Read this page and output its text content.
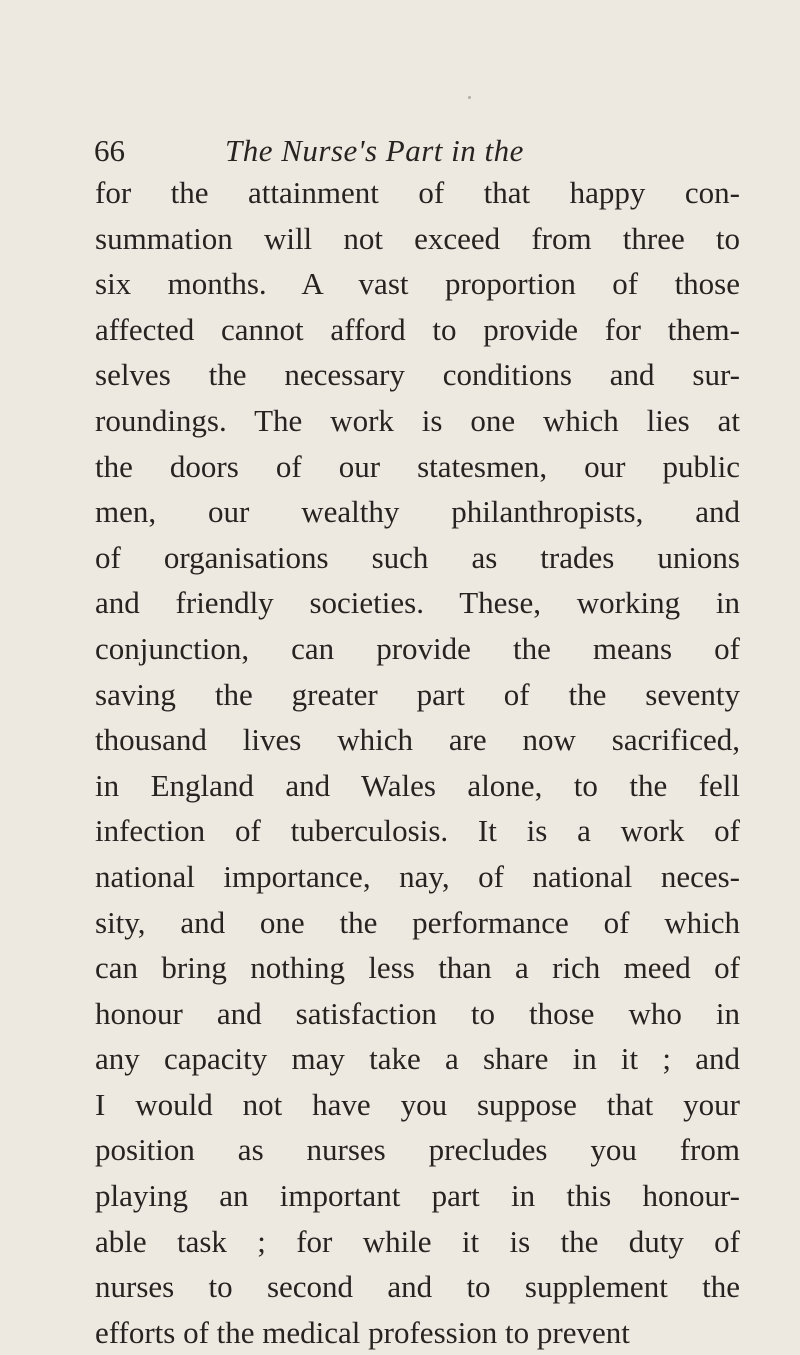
66	The Nurse's Part in the
for the attainment of that happy con-
summation will not exceed from three to
six months. A vast proportion of those
affected cannot afford to provide for them-
selves the necessary conditions and sur-
roundings. The work is one which lies at
the doors of our statesmen, our public
men, our wealthy philanthropists, and
of organisations such as trades unions
and friendly societies. These, working in
conjunction, can provide the means of
saving the greater part of the seventy
thousand lives which are now sacrificed,
in England and Wales alone, to the fell
infection of tuberculosis. It is a work of
national importance, nay, of national neces-
sity, and one the performance of which
can bring nothing less than a rich meed of
honour and satisfaction to those who in
any capacity may take a share in it ; and
I would not have you suppose that your
position as nurses precludes you from
playing an important part in this honour-
able task ; for while it is the duty of
nurses to second and to supplement the
efforts of the medical profession to prevent
